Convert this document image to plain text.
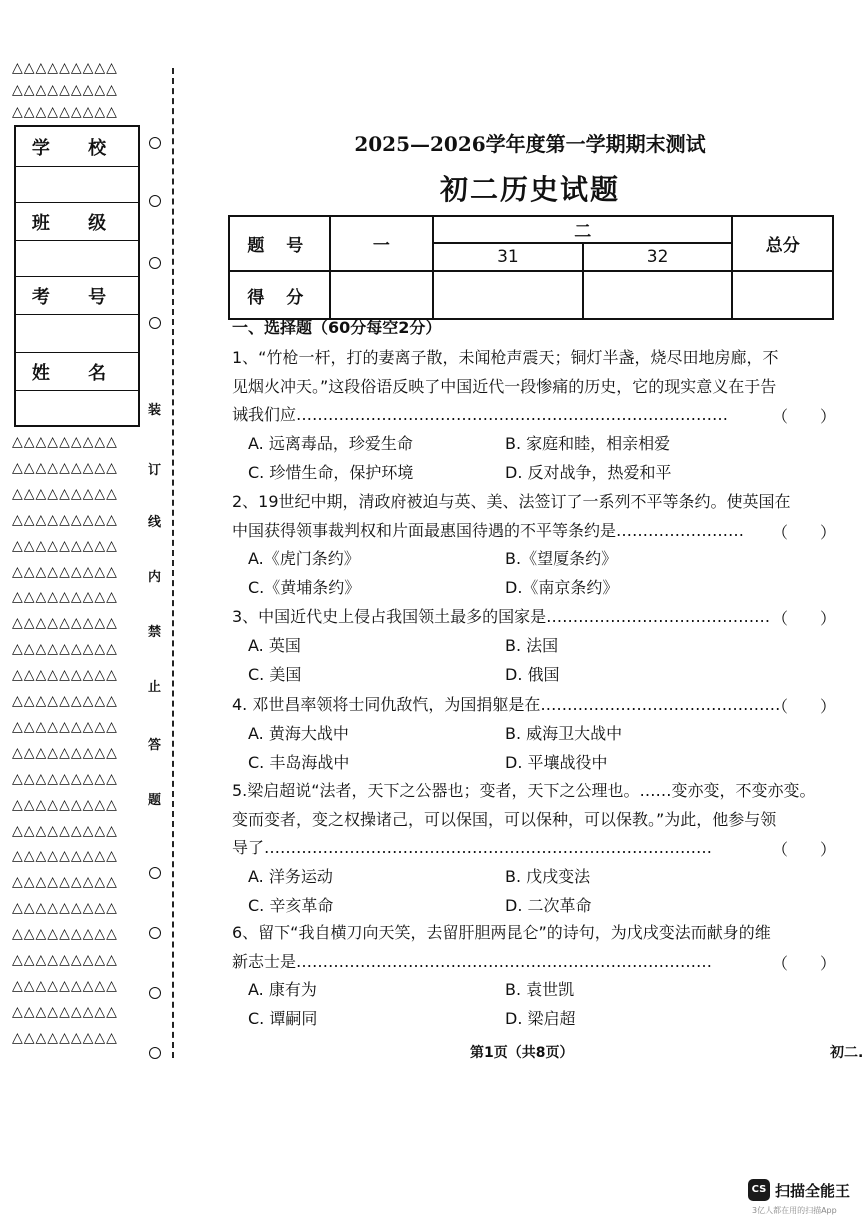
△△△△△△△△△
△△△△△△△△△
△△△△△△△△△
学 校
班 级
考 号
姓 名
△△△△△△△△△
△△△△△△△△△
△△△△△△△△△
△△△△△△△△△
△△△△△△△△△
△△△△△△△△△
△△△△△△△△△
△△△△△△△△△
△△△△△△△△△
△△△△△△△△△
△△△△△△△△△
△△△△△△△△△
△△△△△△△△△
△△△△△△△△△
△△△△△△△△△
△△△△△△△△△
△△△△△△△△△
△△△△△△△△△
△△△△△△△△△
△△△△△△△△△
△△△△△△△△△
△△△△△△△△△
△△△△△△△△△
△△△△△△△△△
装
订
线
内
禁
止
答
题
2025—2026学年度第一学期期末测试
初二历史试题
题 号	一	二		总分
		31	32	
得 分				
一、选择题（60分每空2分）
1、“竹枪一杆，打的妻离子散，未闻枪声震天；铜灯半盏，烧尽田地房廊，不
见烟火冲天。”这段俗语反映了中国近代一段惨痛的历史，它的现实意义在于告
诫我们应………………………………………………………………………	（　　）
A. 远离毒品，珍爱生命	B. 家庭和睦，相亲相爱
C. 珍惜生命，保护环境	D. 反对战争，热爱和平
2、19世纪中期，清政府被迫与英、美、法签订了一系列不平等条约。使英国在
中国获得领事裁判权和片面最惠国待遇的不平等条约是……………………	（　　）
A.《虎门条约》	B.《望厦条约》
C.《黄埔条约》	D.《南京条约》
3、中国近代史上侵占我国领土最多的国家是…………………………………… （　　）
A. 英国	B. 法国
C. 美国	D. 俄国
4. 邓世昌率领将士同仇敌忾，为国捐躯是在………………………………………
（　　）
A. 黄海大战中	B. 威海卫大战中
C. 丰岛海战中	D. 平壤战役中
5.梁启超说“法者，天下之公器也；变者，天下之公理也。……变亦变，不变亦变。
变而变者，变之权操诸己，可以保国，可以保种，可以保教。”为此，他参与领
导了…………………………………………………………………………	（　　）
A. 洋务运动	B. 戊戌变法
C. 辛亥革命	D. 二次革命
6、留下“我自横刀向天笑，去留肝胆两昆仑”的诗句，为戊戌变法而献身的维
新志士是……………………………………………………………………	（　　）
A. 康有为	B. 袁世凯
C. 谭嗣同	D. 梁启超
第1页（共8页）	初二.
CS 扫描全能王
3亿人都在用的扫描App
